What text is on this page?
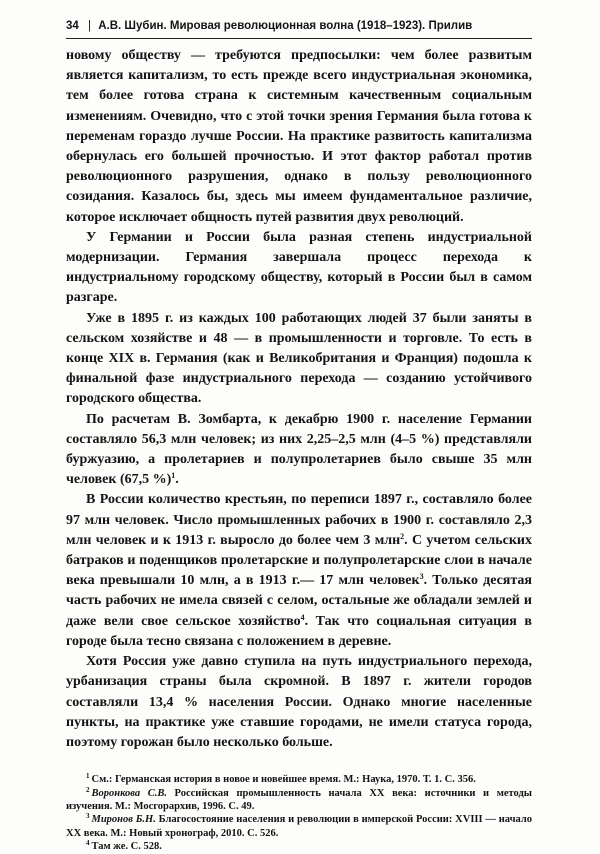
34 | А.В. Шубин. Мировая революционная волна (1918–1923). Прилив

новому обществу — требуются предпосылки: чем более развитым является капитализм, то есть прежде всего индустриальная экономика, тем более готова страна к системным качественным социальным изменениям. Очевидно, что с этой точки зрения Германия была готова к переменам гораздо лучше России. На практике развитость капитализма обернулась его большей прочностью. И этот фактор работал против революционного разрушения, однако в пользу революционного созидания. Казалось бы, здесь мы имеем фундаментальное различие, которое исключает общность путей развития двух революций.

У Германии и России была разная степень индустриальной модернизации. Германия завершала процесс перехода к индустриальному городскому обществу, который в России был в самом разгаре.

Уже в 1895 г. из каждых 100 работающих людей 37 были заняты в сельском хозяйстве и 48 — в промышленности и торговле. То есть в конце XIX в. Германия (как и Великобритания и Франция) подошла к финальной фазе индустриального перехода — созданию устойчивого городского общества.

По расчетам В. Зомбарта, к декабрю 1900 г. население Германии составляло 56,3 млн человек; из них 2,25–2,5 млн (4–5 %) представляли буржуазию, а пролетариев и полупролетариев было свыше 35 млн человек (67,5 %)$^1$.

В России количество крестьян, по переписи 1897 г., составляло более 97 млн человек. Число промышленных рабочих в 1900 г. составляло 2,3 млн человек и к 1913 г. выросло до более чем 3 млн$^2$. С учетом сельских батраков и поденщиков пролетарские и полупролетарские слои в начале века превышали 10 млн, а в 1913 г.— 17 млн человек$^3$. Только десятая часть рабочих не имела связей с селом, остальные же обладали землей и даже вели свое сельское хозяйство$^4$. Так что социальная ситуация в городе была тесно связана с положением в деревне.

Хотя Россия уже давно ступила на путь индустриального перехода, урбанизация страны была скромной. В 1897 г. жители городов составляли 13,4 % населения России. Однако многие населенные пункты, на практике уже ставшие городами, не имели статуса города, поэтому горожан было несколько больше.

$^1$ См.: Германская история в новое и новейшее время. М.: Наука, 1970. Т. 1. С. 356.

$^2$ Воронкова С.В. Российская промышленность начала ХХ века: источники и методы изучения. М.: Мосгорархив, 1996. С. 49.

$^3$ Миронов Б.Н. Благосостояние населения и революции в имперской России: XVIII — начало ХХ века. М.: Новый хронограф, 2010. С. 526.

$^4$ Там же. С. 528.
